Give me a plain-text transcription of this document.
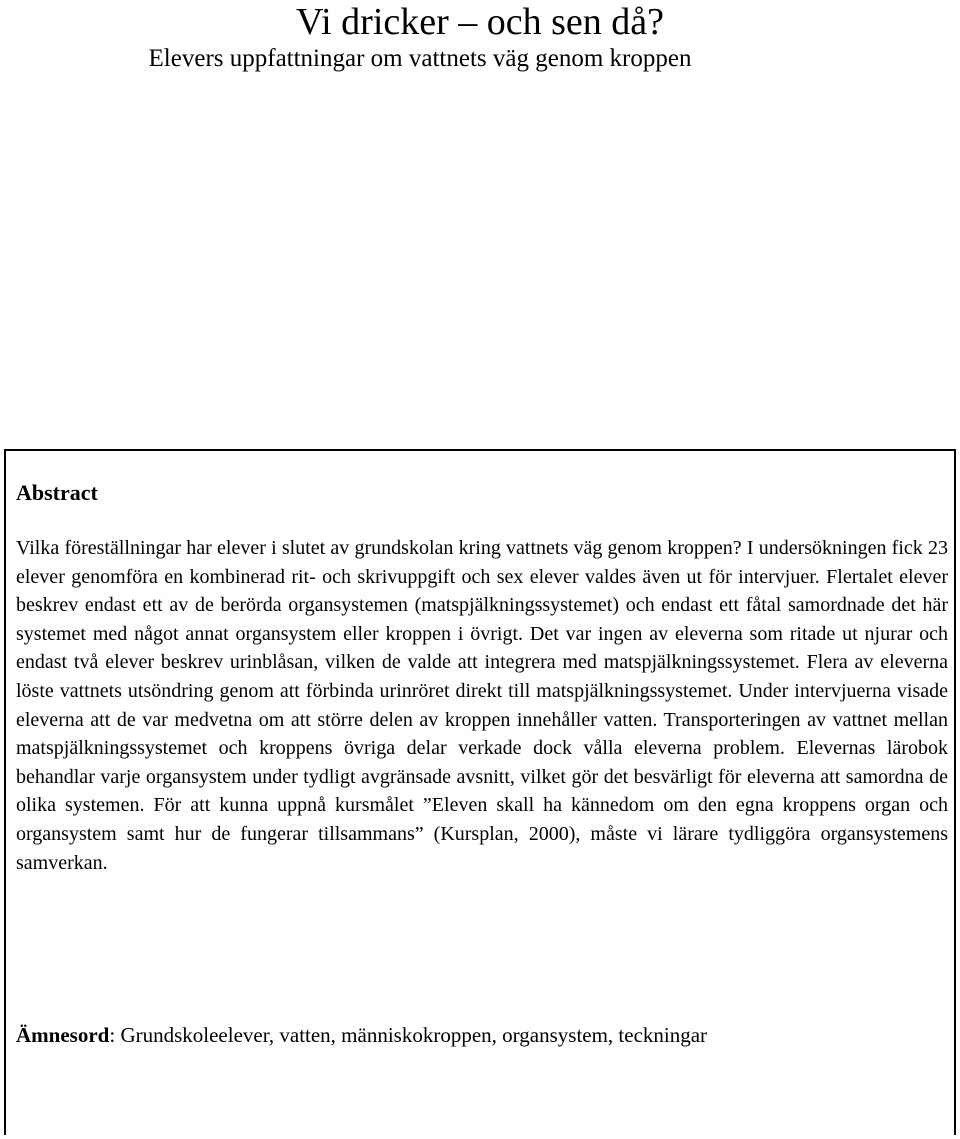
Vi dricker – och sen då?
Elevers uppfattningar om vattnets väg genom kroppen
Abstract

Vilka föreställningar har elever i slutet av grundskolan kring vattnets väg genom kroppen? I undersökningen fick 23 elever genomföra en kombinerad rit- och skrivuppgift och sex elever valdes även ut för intervjuer. Flertalet elever beskrev endast ett av de berörda organsystemen (matspjälkningssystemet) och endast ett fåtal samordnade det här systemet med något annat organsystem eller kroppen i övrigt. Det var ingen av eleverna som ritade ut njurar och endast två elever beskrev urinblåsan, vilken de valde att integrera med matspjälkningssystemet. Flera av eleverna löste vattnets utsöndring genom att förbinda urinröret direkt till matspjälkningssystemet. Under intervjuerna visade eleverna att de var medvetna om att större delen av kroppen innehåller vatten. Transporteringen av vattnet mellan matspjälkningssystemet och kroppens övriga delar verkade dock vålla eleverna problem. Elevernas lärobok behandlar varje organsystem under tydligt avgränsade avsnitt, vilket gör det besvärligt för eleverna att samordna de olika systemen. För att kunna uppnå kursmålet ”Eleven skall ha kännedom om den egna kroppens organ och organsystem samt hur de fungerar tillsammans” (Kursplan, 2000), måste vi lärare tydliggöra organsystemens samverkan.

Ämnesord: Grundskoleelever, vatten, människokroppen, organsystem, teckningar
